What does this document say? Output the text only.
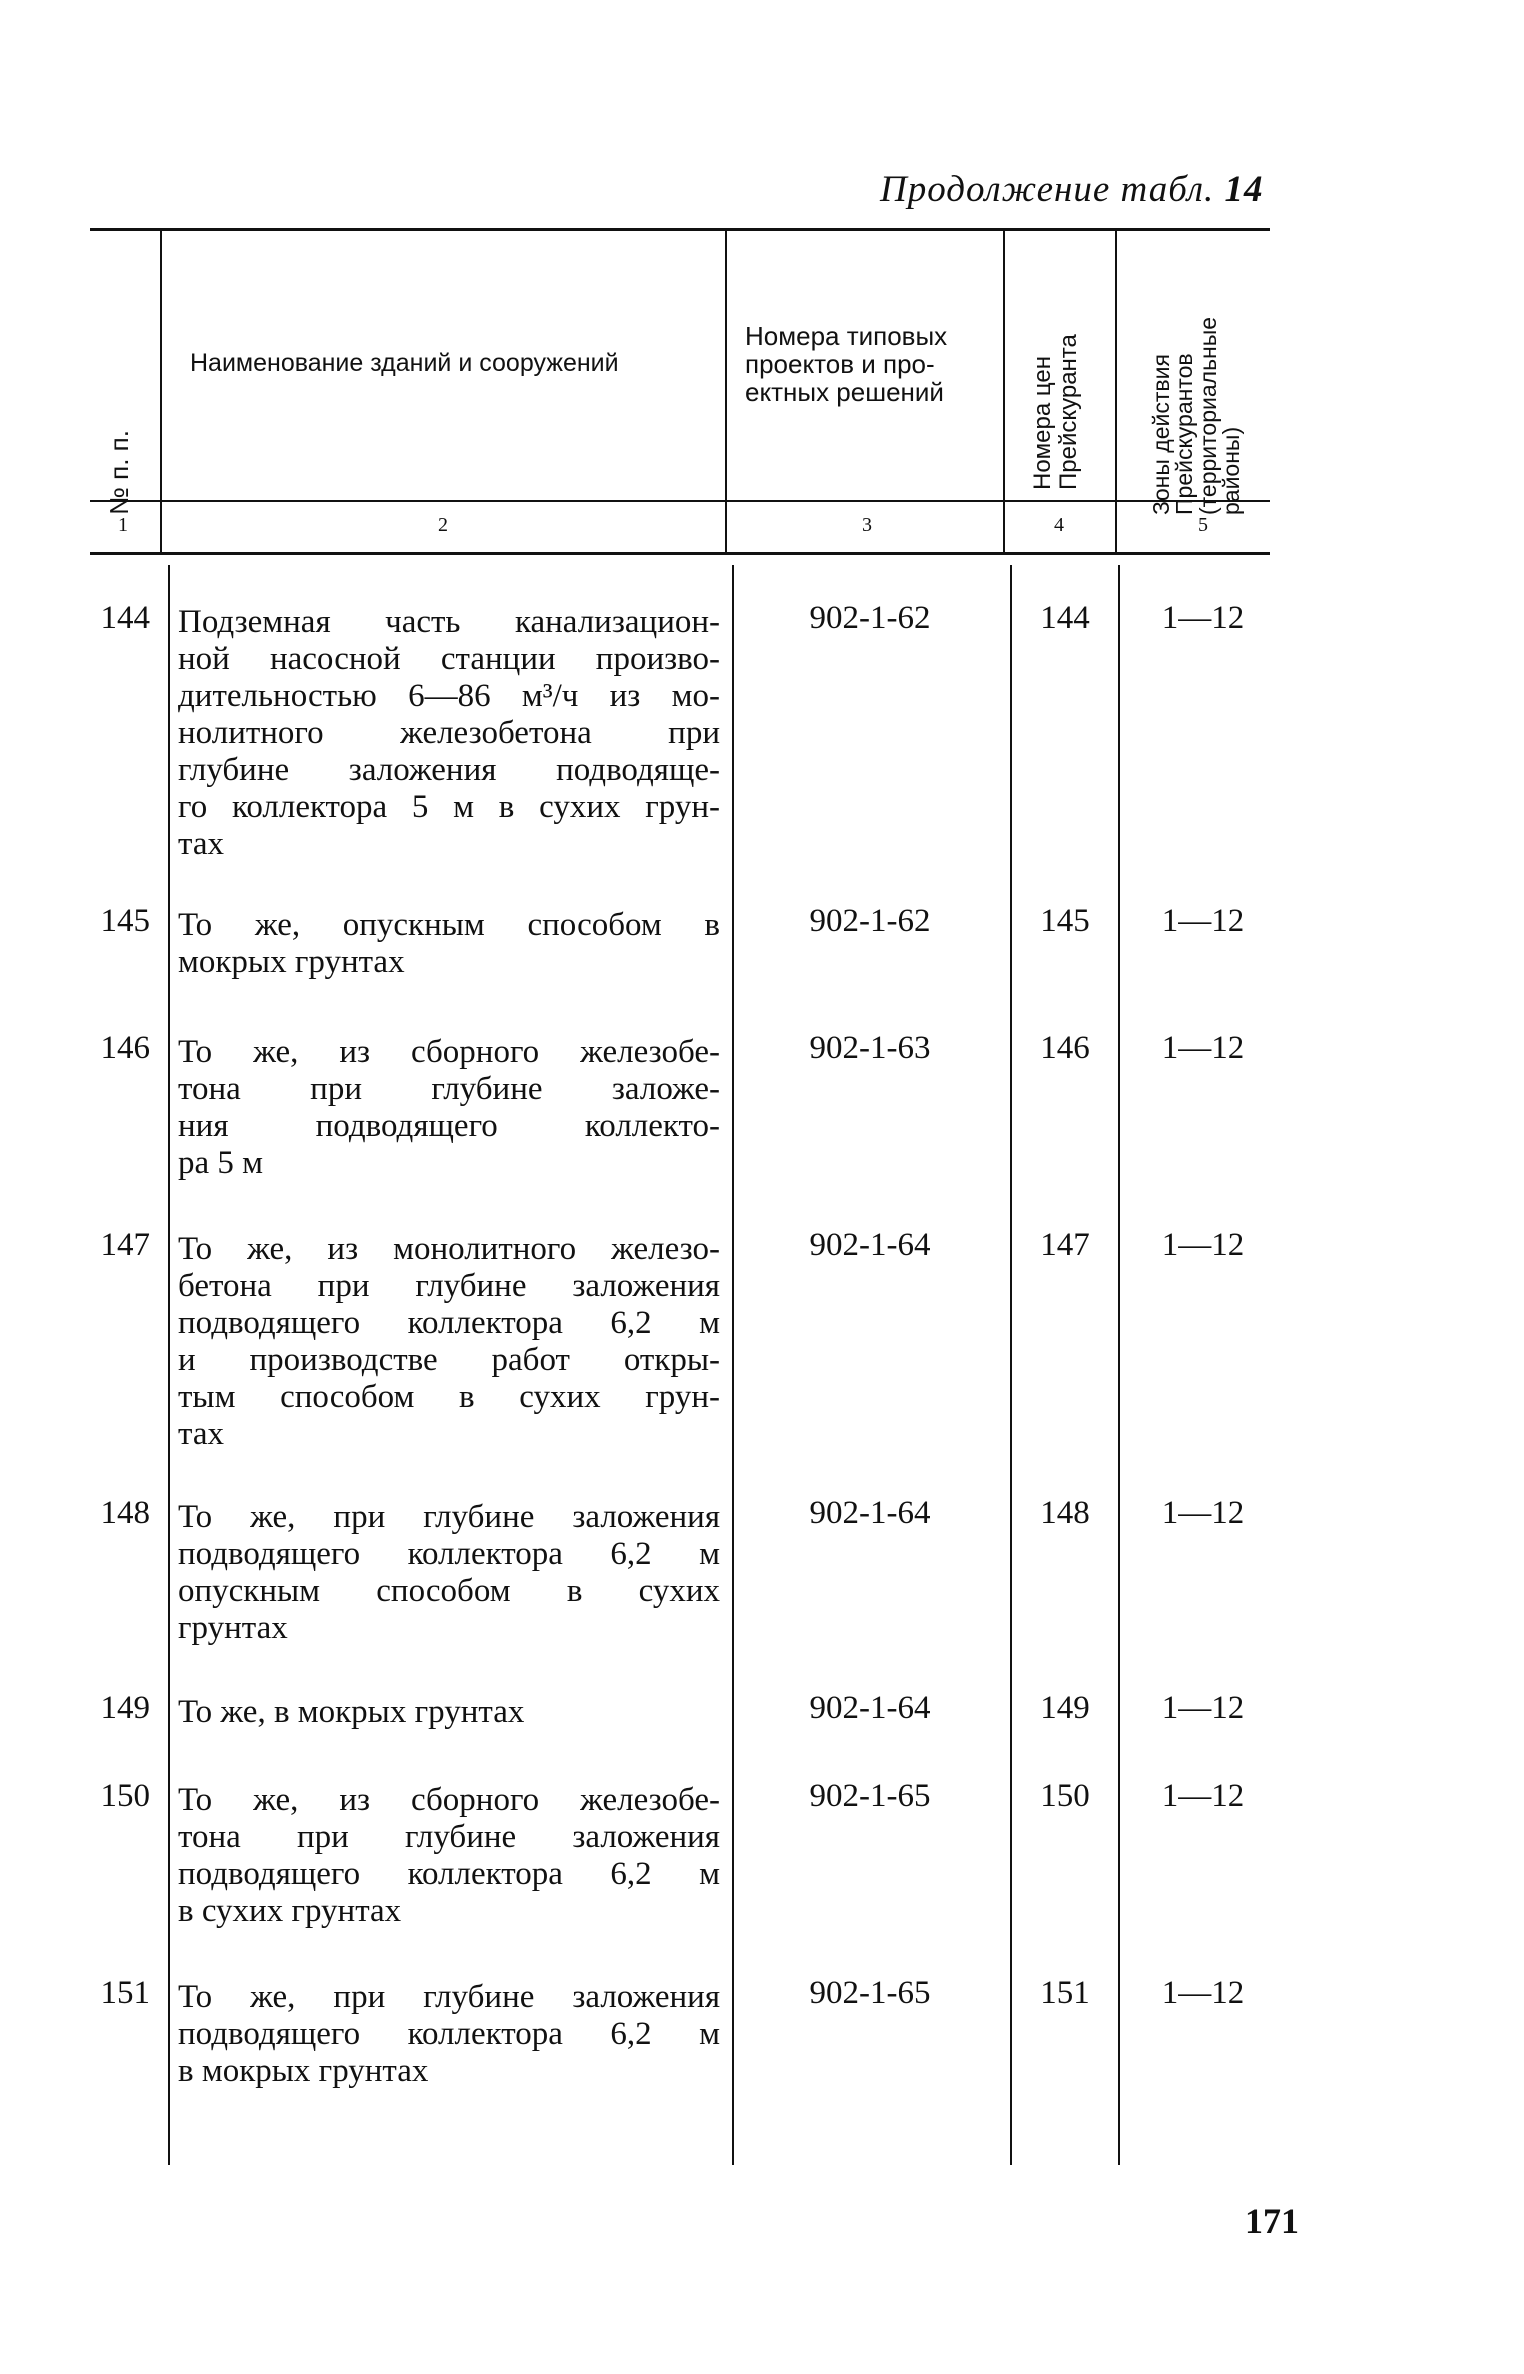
Продолжение табл. 14
№ п. п.
Наименование зданий и сооружений
Номера типовых
проектов и про-
ектных решений	Номера цен
Прейскуранта	Зоны действия
Прейскурантов
(территориальные
районы)
1	2	3	4	5
144 Подземная часть канализацион-
ной насосной станции произво-
дительностью 6—86 м³/ч из мо-
нолитного железобетона при
глубине заложения подводяще-
го коллектора 5 м в сухих грун-
тах
902-1-62	144	1—12
145 То же, опускным способом в
мокрых грунтах
902-1-62	145	1—12
146 То же, из сборного железобе-
тона при глубине заложе-
ния подводящего коллекто-
ра 5 м
902-1-63	146	1—12
147 То же, из монолитного железо-
бетона при глубине заложения
подводящего коллектора 6,2 м
и производстве работ откры-
тым способом в сухих грун-
тах
902-1-64	147	1—12
148 То же, при глубине заложения
подводящего коллектора 6,2 м
опускным способом в сухих
грунтах
902-1-64	148	1—12
149 То же, в мокрых грунтах	902-1-64	149	1—12
150 То же, из сборного железобе-
тона при глубине заложения
подводящего коллектора 6,2 м
в сухих грунтах
902-1-65	150	1—12
151 То же, при глубине заложения
подводящего коллектора 6,2 м
в мокрых грунтах
902-1-65	151	1—12
171
